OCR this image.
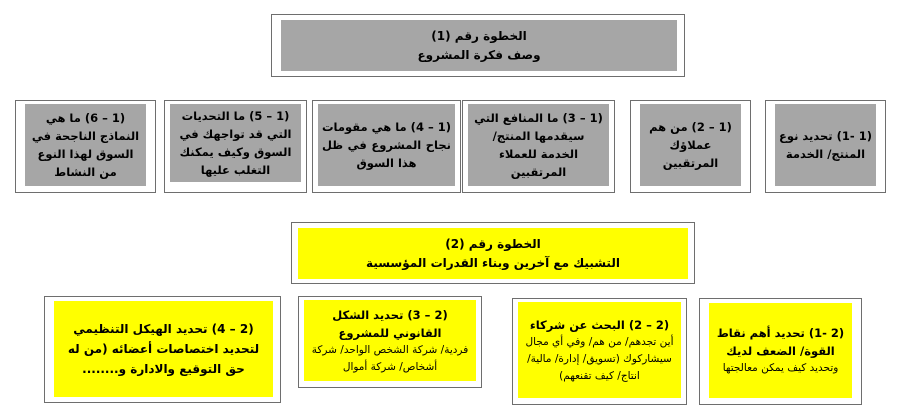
الخطوة رقم (1)
وصف فكرة المشروع
(1 -1) تحديد نوع المنتج/ الخدمة
(1 – 2) من هم عملاؤك المرتقبين
(1 – 3) ما المنافع التي سيقدمها المنتج/ الخدمة للعملاء المرتقبين
(1 – 4) ما هي مقومات نجاح المشروع في ظل هذا السوق
(1 – 5) ما التحديات التي قد تواجهك في السوق وكيف يمكنك التغلب عليها
(1 – 6) ما هي النماذج الناجحة في السوق لهذا النوع من النشاط
الخطوة رقم (2)
التشبيك مع آخرين وبناء القدرات المؤسسية
(2 -1) تحديد أهم نقاط القوة/ الضعف لديك
وتحديد كيف يمكن معالجتها
(2 – 2) البحث عن شركاء
أين تجدهم/ من هم/ وفي أي مجال سيشاركوك (تسويق/ إدارة/ مالية/ انتاج/ كيف تقنعهم)
(2 – 3) تحديد الشكل القانوني للمشروع
فردية/ شركة الشخص الواحد/ شركة أشخاص/ شركة أموال
(2 – 4) تحديد الهيكل التنظيمي لتحديد اختصاصات أعضائه (من له حق التوقيع والادارة و........
